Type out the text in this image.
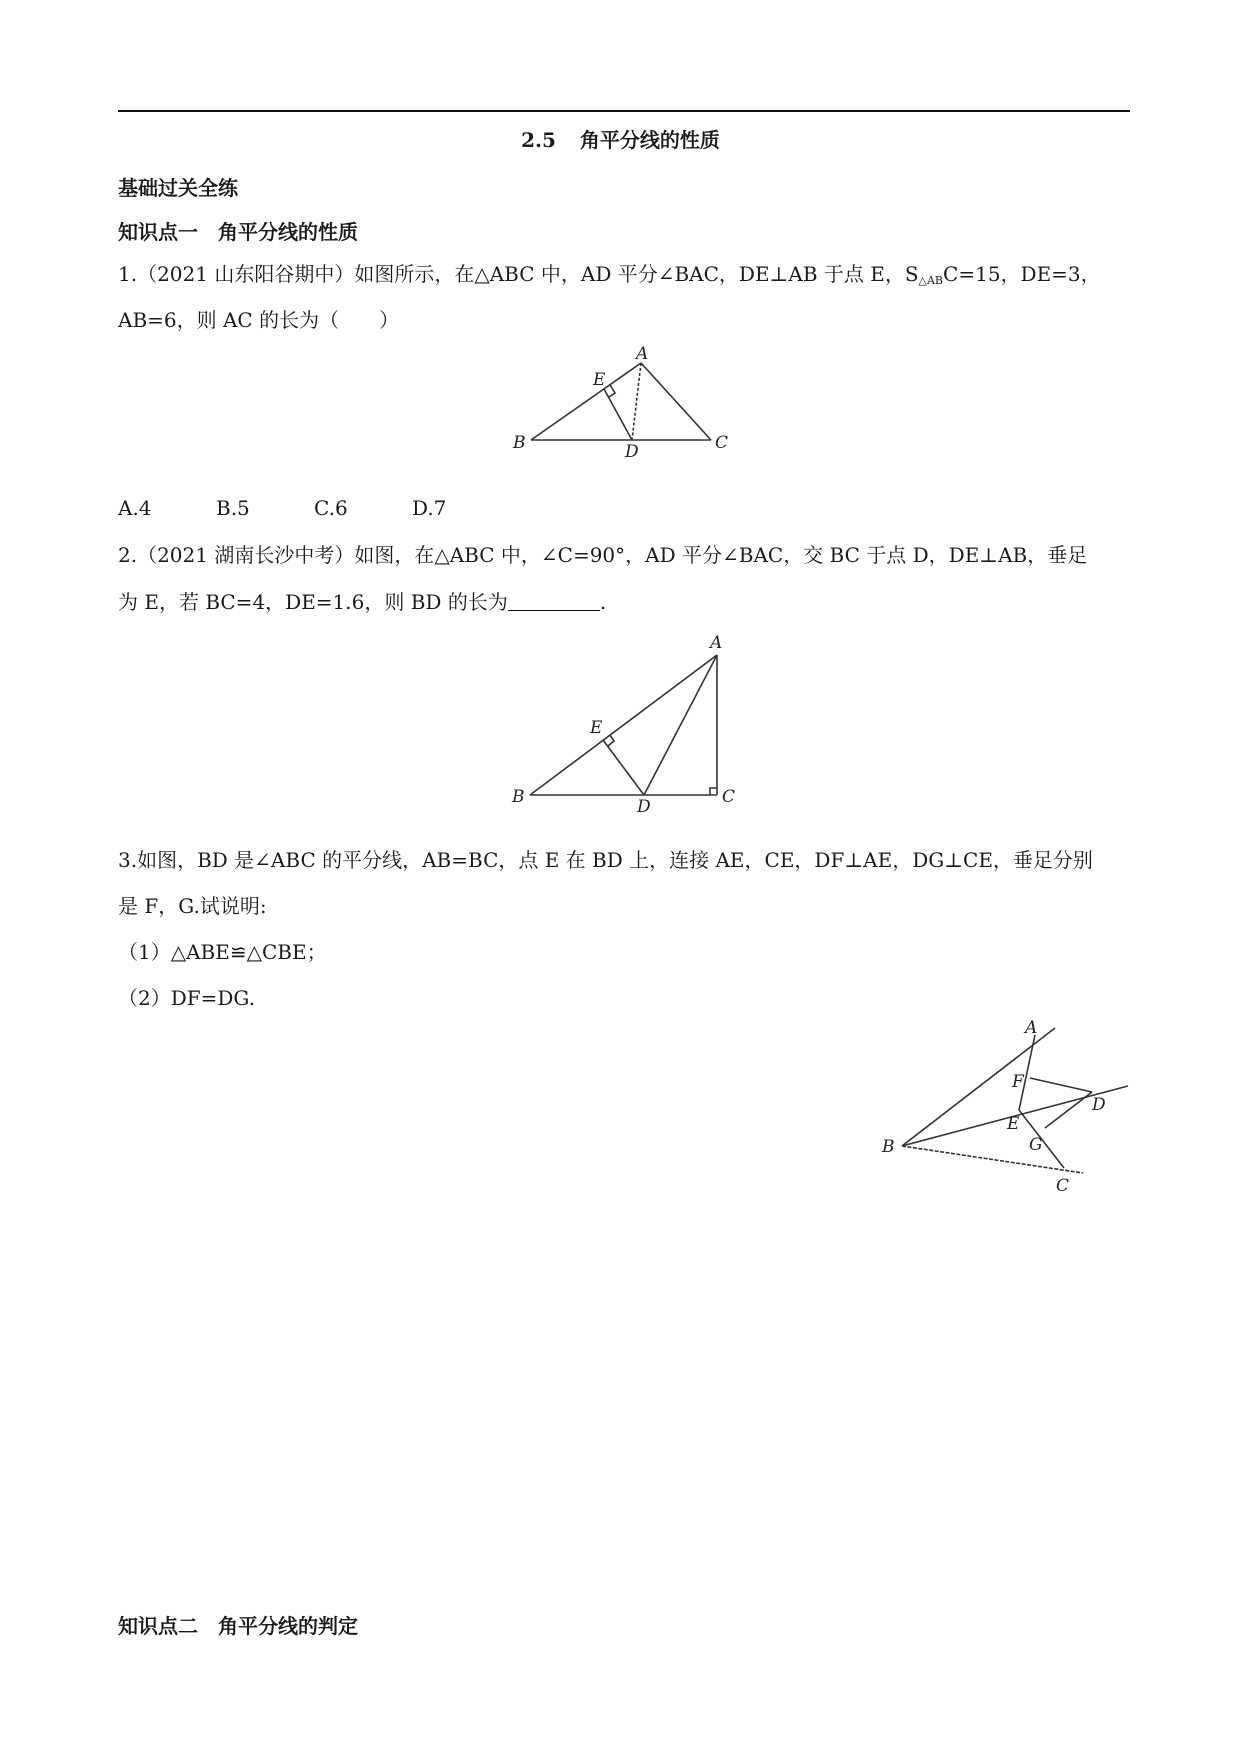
2.5 角平分线的性质
基础过关全练
知识点一　角平分线的性质
1.（2021 山东阳谷期中）如图所示，在△ABC 中，AD 平分∠BAC，DE⊥AB 于点 E，$S_{\triangle AB}C=15$，DE=3，
AB=6，则 AC 的长为（　　）
A
B	C
D
E
A.4	B.5	C.6	D.7
2.（2021 湖南长沙中考）如图，在△ABC 中，∠C=90°，AD 平分∠BAC，交 BC 于点 D，DE⊥AB，垂足
为 E，若 BC=4，DE=1.6，则 BD 的长为	.
A
B	C
D
E
3.如图，BD 是∠ABC 的平分线，AB=BC，点 E 在 BD 上，连接 AE，CE，DF⊥AE，DG⊥CE，垂足分别
是 F，G.试说明:
（1）△ABE≌△CBE；
（2）DF=DG.
A
B
C
D
E
F
G
知识点二　角平分线的判定
